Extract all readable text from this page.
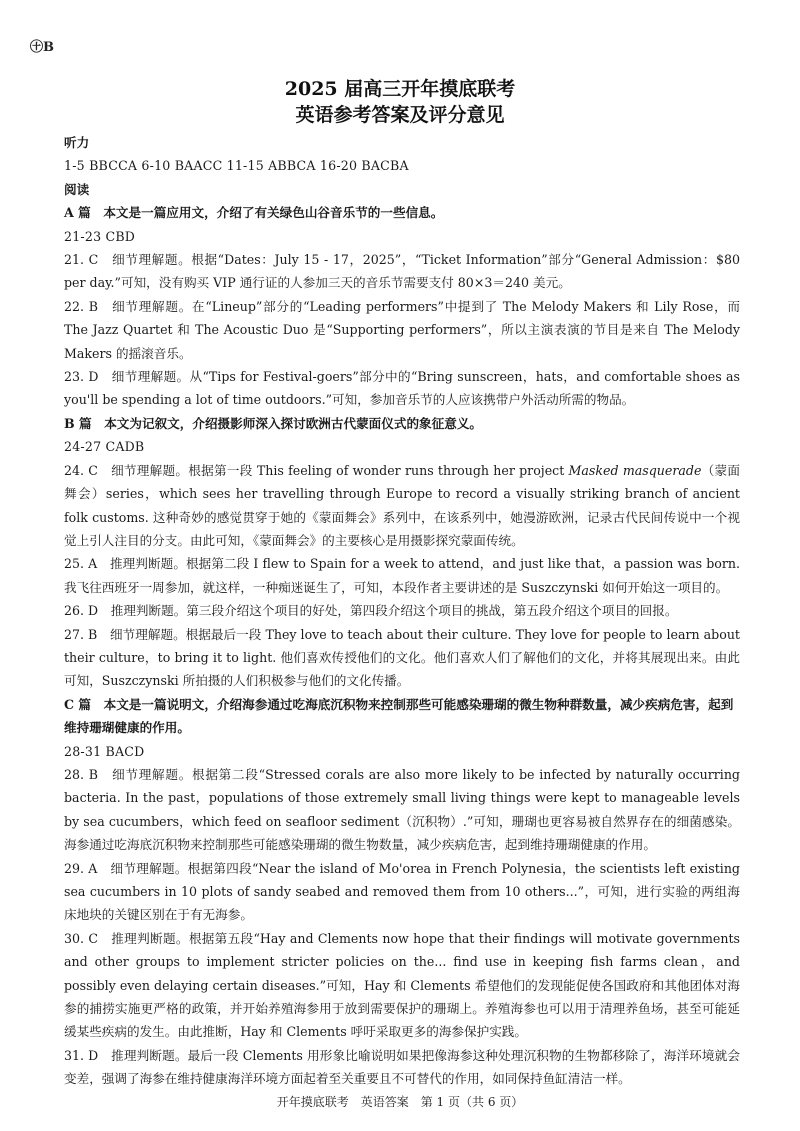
㊉B
2025 届高三开年摸底联考
英语参考答案及评分意见

听力

1-5 BBCCA 6-10 BAACC 11-15 ABBCA 16-20 BACBA

阅读

A 篇　本文是一篇应用文，介绍了有关绿色山谷音乐节的一些信息。

21-23 CBD

21. C　细节理解题。根据“Dates：July 15 - 17，2025”，“Ticket Information”部分“General Admission：$80 per day.”可知，没有购买 VIP 通行证的人参加三天的音乐节需要支付 80×3＝240 美元。

22. B　细节理解题。在“Lineup”部分的“Leading performers”中提到了 The Melody Makers 和 Lily Rose，而 The Jazz Quartet 和 The Acoustic Duo 是“Supporting performers”，所以主演表演的节目是来自 The Melody Makers 的摇滚音乐。

23. D　细节理解题。从“Tips for Festival-goers”部分中的“Bring sunscreen，hats，and comfortable shoes as you'll be spending a lot of time outdoors.”可知，参加音乐节的人应该携带户外活动所需的物品。

B 篇　本文为记叙文，介绍摄影师深入探讨欧洲古代蒙面仪式的象征意义。

24-27 CADB

24. C　细节理解题。根据第一段 This feeling of wonder runs through her project Masked masquerade（蒙面舞会）series，which sees her travelling through Europe to record a visually striking branch of ancient folk customs. 这种奇妙的感觉贯穿于她的《蒙面舞会》系列中，在该系列中，她漫游欧洲，记录古代民间传说中一个视觉上引人注目的分支。由此可知，《蒙面舞会》的主要核心是用摄影探究蒙面传统。

25. A　推理判断题。根据第二段 I flew to Spain for a week to attend，and just like that，a passion was born. 我飞往西班牙一周参加，就这样，一种痴迷诞生了，可知，本段作者主要讲述的是 Suszczynski 如何开始这一项目的。

26. D　推理判断题。第三段介绍这个项目的好处，第四段介绍这个项目的挑战，第五段介绍这个项目的回报。

27. B　细节理解题。根据最后一段 They love to teach about their culture. They love for people to learn about their culture，to bring it to light. 他们喜欢传授他们的文化。他们喜欢人们了解他们的文化，并将其展现出来。由此可知，Suszczynski 所拍摄的人们积极参与他们的文化传播。

C 篇　本文是一篇说明文，介绍海参通过吃海底沉积物来控制那些可能感染珊瑚的微生物种群数量，减少疾病危害，起到维持珊瑚健康的作用。

28-31 BACD

28. B　细节理解题。根据第二段“Stressed corals are also more likely to be infected by naturally occurring bacteria. In the past，populations of those extremely small living things were kept to manageable levels by sea cucumbers，which feed on seafloor sediment（沉积物）.”可知，珊瑚也更容易被自然界存在的细菌感染。海参通过吃海底沉积物来控制那些可能感染珊瑚的微生物数量，减少疾病危害，起到维持珊瑚健康的作用。

29. A　细节理解题。根据第四段“Near the island of Mo'orea in French Polynesia，the scientists left existing sea cucumbers in 10 plots of sandy seabed and removed them from 10 others...”，可知，进行实验的两组海床地块的关键区别在于有无海参。

30. C　推理判断题。根据第五段“Hay and Clements now hope that their findings will motivate governments and other groups to implement stricter policies on the... find use in keeping fish farms clean，and possibly even delaying certain diseases.”可知，Hay 和 Clements 希望他们的发现能促使各国政府和其他团体对海参的捕捞实施更严格的政策，并开始养殖海参用于放到需要保护的珊瑚上。养殖海参也可以用于清理养鱼场，甚至可能延缓某些疾病的发生。由此推断，Hay 和 Clements 呼吁采取更多的海参保护实践。

31. D　推理判断题。最后一段 Clements 用形象比喻说明如果把像海参这种处理沉积物的生物都移除了，海洋环境就会变差，强调了海参在维持健康海洋环境方面起着至关重要且不可替代的作用，如同保持鱼缸清洁一样。

开年摸底联考　英语答案　第 1 页（共 6 页）
